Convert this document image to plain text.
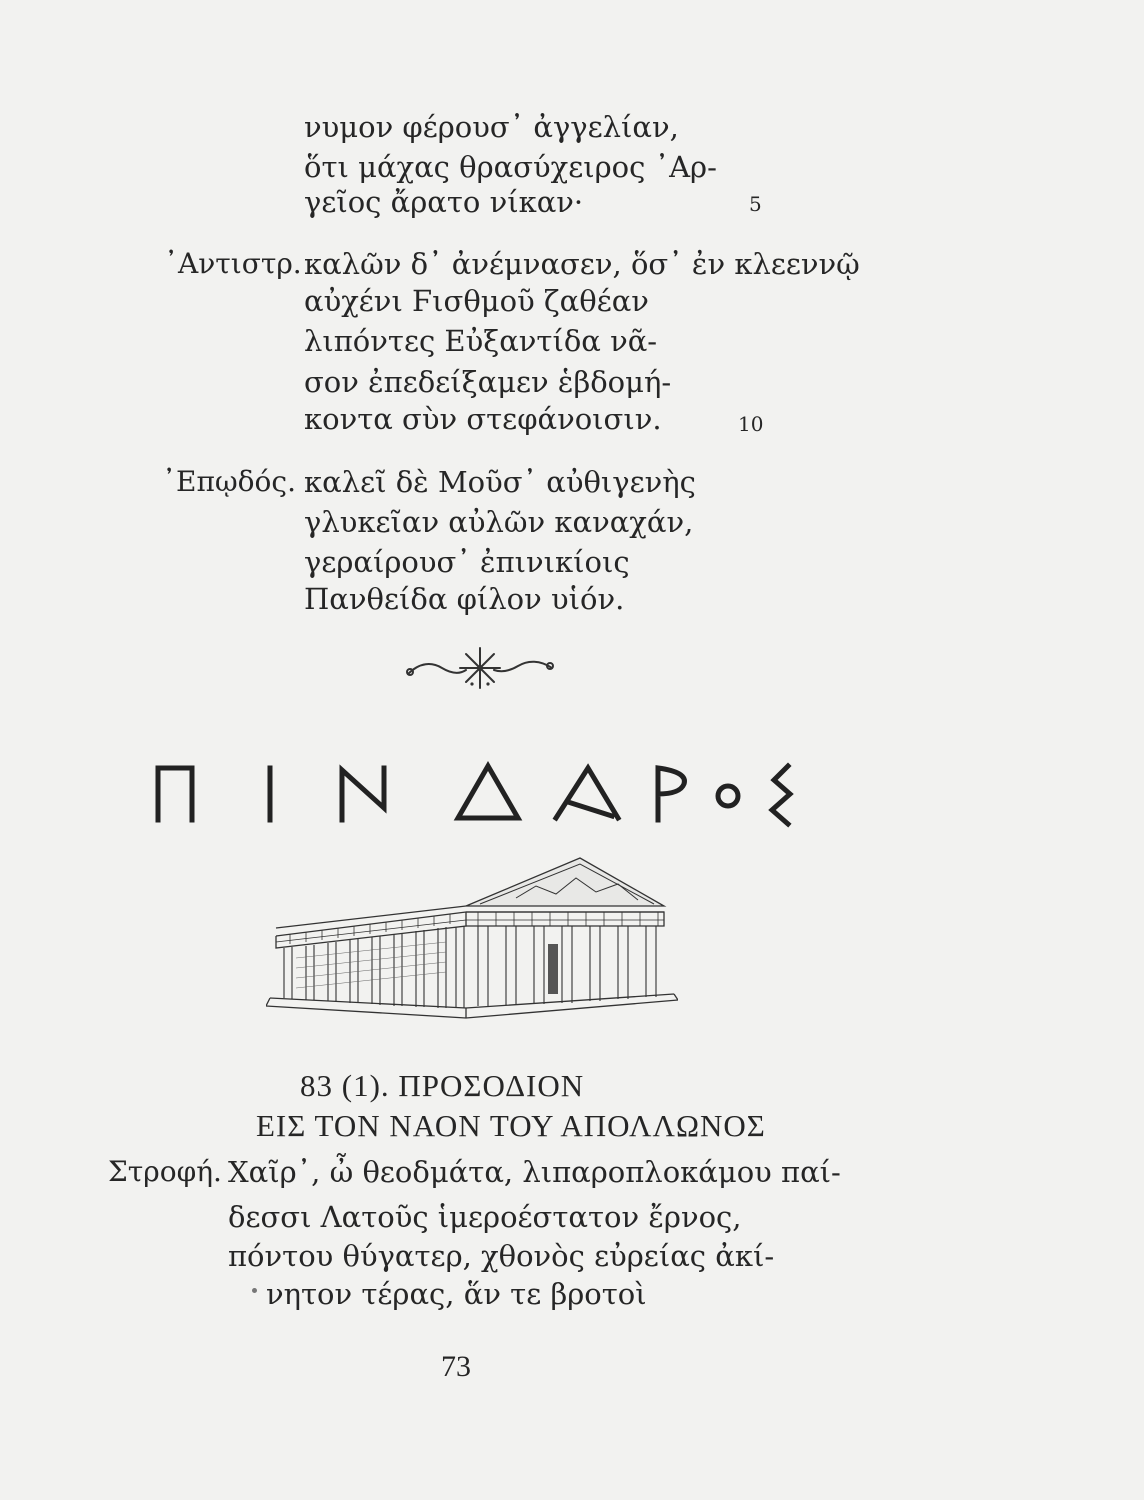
νυμον φέρουσ᾽ ἀγγελίαν,
ὅτι μάχας θρασύχειρος ᾽Αρ-
γεῖος ἄρατο νίκαν·	5
᾽Αντιστρ. καλῶν δ᾽ ἀνέμνασεν, ὅσ᾽ ἐν κλεεννῷ
αὐχένι Ϝισθμοῦ ζαθέαν
λιπόντες Εὐξαντίδα νᾶ-
σον ἐπεδείξαμεν ἑβδομή-
κοντα σὺν στεφάνοισιν.	10
᾽Επῳδός. καλεῖ δὲ Μοῦσ᾽ αὐθιγενὴς
γλυκεῖαν αὐλῶν καναχάν,
γεραίρουσ᾽ ἐπινικίοις
Πανθείδα φίλον υἱόν.
83 (1). ΠΡΟΣΟΔΙΟΝ
ΕΙΣ ΤΟΝ ΝΑΟΝ ΤΟΥ ΑΠΟΛΛΩΝΟΣ
Στροφή. Χαῖρ᾽, ὦ θεοδμάτα, λιπαροπλοκάμου παί-
δεσσι Λατοῦς ἱμεροέστατον ἔρνος,
πόντου θύγατερ, χθονὸς εὐρείας ἀκί-
νητον τέρας, ἅν τε βροτοὶ
73
